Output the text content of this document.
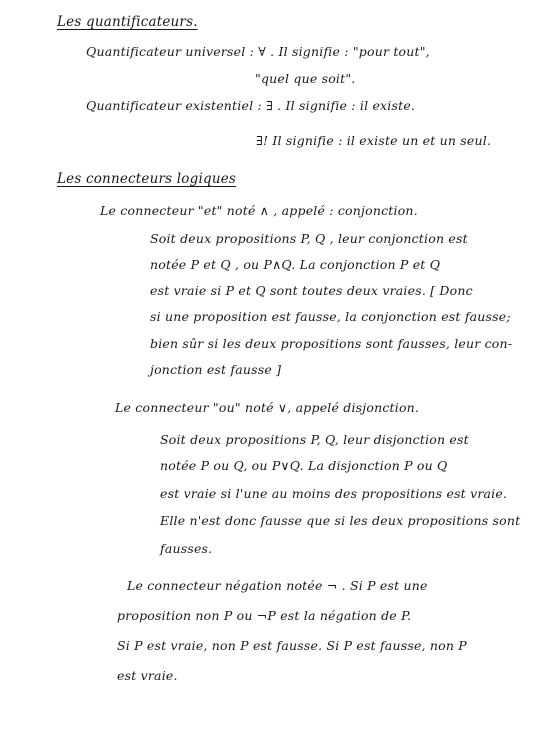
Les quantificateurs.
Quantificateur universel : ∀ . Il signifie : "pour tout",
"quel que soit".
Quantificateur existentiel : ∃ . Il signifie : il existe.
∃! Il signifie : il existe un et un seul.
Les connecteurs logiques
Le connecteur "et" noté ∧ , appelé : conjonction.
Soit deux propositions P, Q , leur conjonction est
notée P et Q , ou P∧Q. La conjonction P et Q
est vraie si P et Q sont toutes deux vraies. [ Donc
si une proposition est fausse, la conjonction est fausse;
bien sûr si les deux propositions sont fausses, leur con-
jonction est fausse ]
Le connecteur "ou" noté ∨, appelé disjonction.
Soit deux propositions P, Q, leur disjonction est
notée P ou Q, ou P∨Q. La disjonction P ou Q
est vraie si l'une au moins des propositions est vraie.
Elle n'est donc fausse que si les deux propositions sont
fausses.
Le connecteur négation notée ¬ . Si P est une
proposition non P ou ¬P est la négation de P.
Si P est vraie, non P est fausse. Si P est fausse, non P
est vraie.
